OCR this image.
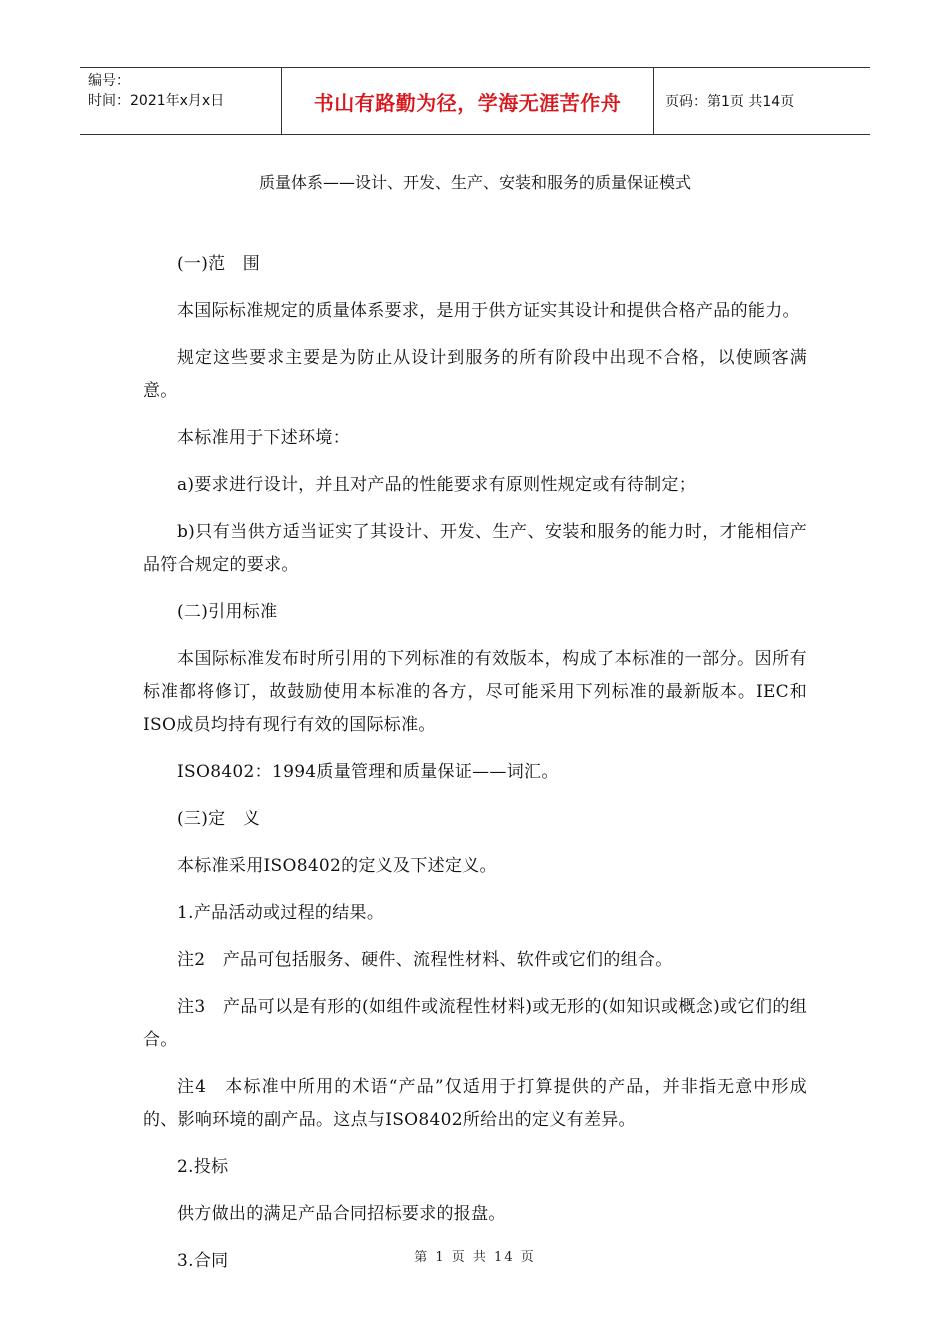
编号：
时间：2021年x月x日	书山有路勤为径，学海无涯苦作舟	页码：第1页 共14页
质量体系——设计、开发、生产、安装和服务的质量保证模式

(一)范　围

本国际标准规定的质量体系要求，是用于供方证实其设计和提供合格产品的能力。

规定这些要求主要是为防止从设计到服务的所有阶段中出现不合格，以使顾客满意。

本标准用于下述环境：

a)要求进行设计，并且对产品的性能要求有原则性规定或有待制定；

b)只有当供方适当证实了其设计、开发、生产、安装和服务的能力时，才能相信产品符合规定的要求。

(二)引用标准

本国际标准发布时所引用的下列标准的有效版本，构成了本标准的一部分。因所有标准都将修订，故鼓励使用本标准的各方，尽可能采用下列标准的最新版本。IEC和ISO成员均持有现行有效的国际标准。

ISO8402：1994质量管理和质量保证——词汇。

(三)定　义

本标准采用ISO8402的定义及下述定义。

1.产品活动或过程的结果。

注2　产品可包括服务、硬件、流程性材料、软件或它们的组合。

注3　产品可以是有形的(如组件或流程性材料)或无形的(如知识或概念)或它们的组合。

注4　本标准中所用的术语“产品”仅适用于打算提供的产品，并非指无意中形成的、影响环境的副产品。这点与ISO8402所给出的定义有差异。

2.投标

供方做出的满足产品合同招标要求的报盘。

3.合同	第 1 页 共 14 页
